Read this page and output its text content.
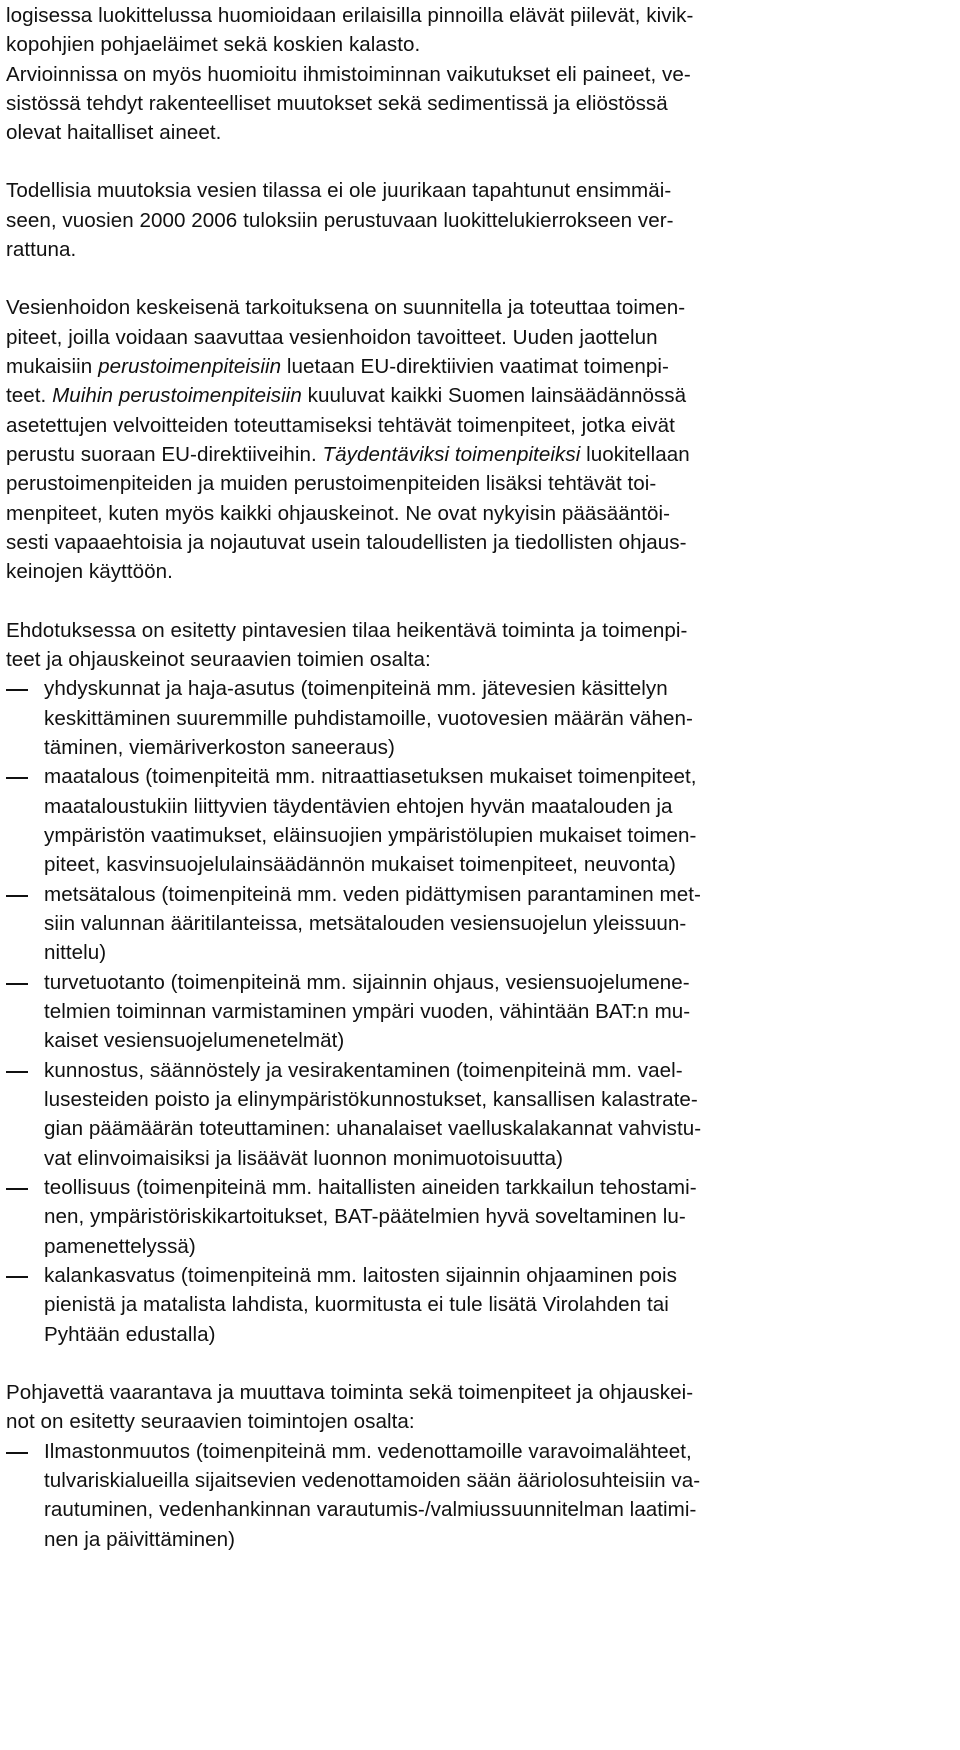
logisessa luokittelussa huomioidaan erilaisilla pinnoilla elävät piilevät, kivik-
kopohjien pohjaeläimet sekä koskien kalasto.
Arvioinnissa on myös huomioitu ihmistoiminnan vaikutukset eli paineet, ve-
sistössä tehdyt rakenteelliset muutokset sekä sedimentissä ja eliöstössä
olevat haitalliset aineet.
Todellisia muutoksia vesien tilassa ei ole juurikaan tapahtunut ensimmäi-
seen, vuosien 2000 2006 tuloksiin perustuvaan luokittelukierrokseen ver-
rattuna.
Vesienhoidon keskeisenä tarkoituksena on suunnitella ja toteuttaa toimen-
piteet, joilla voidaan saavuttaa vesienhoidon tavoitteet. Uuden jaottelun
mukaisiin perustoimenpiteisiin luetaan EU-direktiivien vaatimat toimenpi-
teet. Muihin perustoimenpiteisiin kuuluvat kaikki Suomen lainsäädännössä
asetettujen velvoitteiden toteuttamiseksi tehtävät toimenpiteet, jotka eivät
perustu suoraan EU-direktiiveihin. Täydentäviksi toimenpiteiksi luokitellaan
perustoimenpiteiden ja muiden perustoimenpiteiden lisäksi tehtävät toi-
menpiteet, kuten myös kaikki ohjauskeinot. Ne ovat nykyisin pääsääntöi-
sesti vapaaehtoisia ja nojautuvat usein taloudellisten ja tiedollisten ohjaus-
keinojen käyttöön.
Ehdotuksessa on esitetty pintavesien tilaa heikentävä toiminta ja toimenpi-
teet ja ohjauskeinot seuraavien toimien osalta:
yhdyskunnat ja haja-asutus (toimenpiteinä mm. jätevesien käsittelyn
keskittäminen suuremmille puhdistamoille, vuotovesien määrän vähen-
täminen, viemäriverkoston saneeraus)
maatalous (toimenpiteitä mm. nitraattiasetuksen mukaiset toimenpiteet,
maataloustukiin liittyvien täydentävien ehtojen hyvän maatalouden ja
ympäristön vaatimukset, eläinsuojien ympäristölupien mukaiset toimen-
piteet, kasvinsuojelulainsäädännön mukaiset toimenpiteet, neuvonta)
metsätalous (toimenpiteinä mm. veden pidättymisen parantaminen met-
siin valunnan ääritilanteissa, metsätalouden vesiensuojelun yleissuun-
nittelu)
turvetuotanto (toimenpiteinä mm. sijainnin ohjaus, vesiensuojelumene-
telmien toiminnan varmistaminen ympäri vuoden, vähintään BAT:n mu-
kaiset vesiensuojelumenetelmät)
kunnostus, säännöstely ja vesirakentaminen (toimenpiteinä mm. vael-
lusesteiden poisto ja elinympäristökunnostukset, kansallisen kalastrate-
gian päämäärän toteuttaminen: uhanalaiset vaelluskalakannat vahvistu-
vat elinvoimaisiksi ja lisäävät luonnon monimuotoisuutta)
teollisuus (toimenpiteinä mm. haitallisten aineiden tarkkailun tehostami-
nen, ympäristöriskikartoitukset, BAT-päätelmien hyvä soveltaminen lu-
pamenettelyssä)
kalankasvatus (toimenpiteinä mm. laitosten sijainnin ohjaaminen pois
pienistä ja matalista lahdista, kuormitusta ei tule lisätä Virolahden tai
Pyhtään edustalla)
Pohjavettä vaarantava ja muuttava toiminta sekä toimenpiteet ja ohjauskei-
not on esitetty seuraavien toimintojen osalta:
Ilmastonmuutos (toimenpiteinä mm. vedenottamoille varavoimalähteet,
tulvariskialueilla sijaitsevien vedenottamoiden sään ääriolosuhteisiin va-
rautuminen, vedenhankinnan varautumis-/valmiussuunnitelman laatimi-
nen ja päivittäminen)
